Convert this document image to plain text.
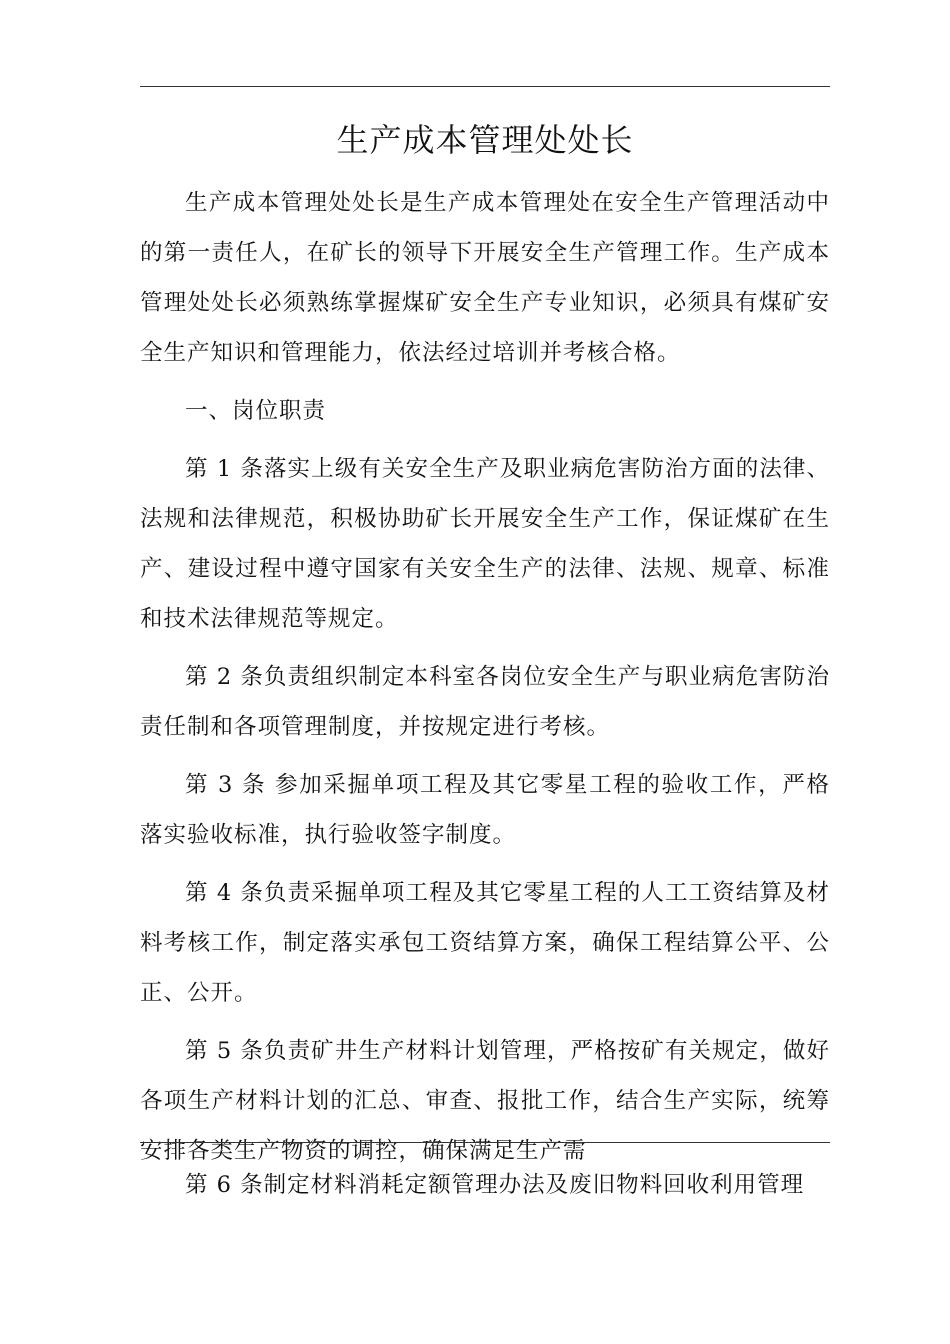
生产成本管理处处长

生产成本管理处处长是生产成本管理处在安全生产管理活动中的第一责任人，在矿长的领导下开展安全生产管理工作。生产成本管理处处长必须熟练掌握煤矿安全生产专业知识，必须具有煤矿安全生产知识和管理能力，依法经过培训并考核合格。

一、岗位职责

第 1 条落实上级有关安全生产及职业病危害防治方面的法律、法规和法律规范，积极协助矿长开展安全生产工作，保证煤矿在生产、建设过程中遵守国家有关安全生产的法律、法规、规章、标准和技术法律规范等规定。

第 2 条负责组织制定本科室各岗位安全生产与职业病危害防治责任制和各项管理制度，并按规定进行考核。

第 3 条 参加采掘单项工程及其它零星工程的验收工作，严格落实验收标准，执行验收签字制度。

第 4 条负责采掘单项工程及其它零星工程的人工工资结算及材料考核工作，制定落实承包工资结算方案，确保工程结算公平、公正、公开。

第 5 条负责矿井生产材料计划管理，严格按矿有关规定，做好各项生产材料计划的汇总、审查、报批工作，结合生产实际，统筹安排各类生产物资的调控，确保满足生产需

第 6 条制定材料消耗定额管理办法及废旧物料回收利用管理
